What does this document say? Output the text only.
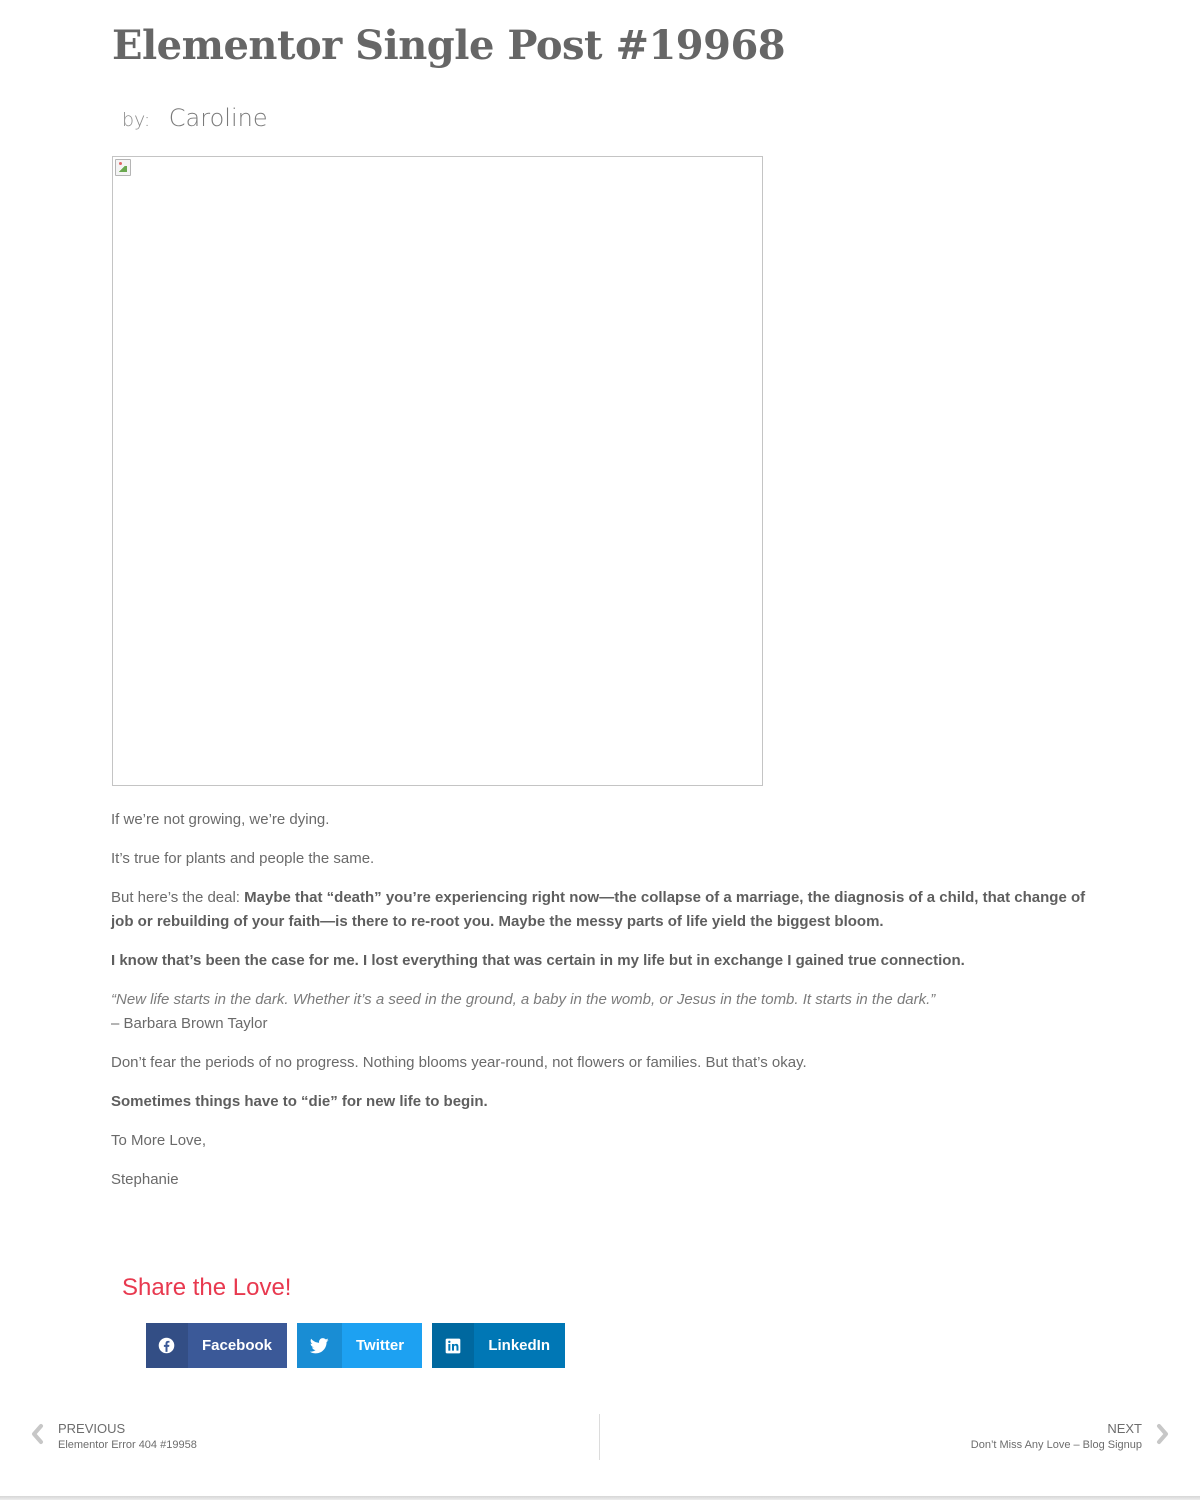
Elementor Single Post #19968
by: Caroline

If we’re not growing, we’re dying.

It’s true for plants and people the same.

But here’s the deal: Maybe that “death” you’re experiencing right now—the collapse of a marriage, the diagnosis of a child, that change of job or rebuilding of your faith—is there to re-root you. Maybe the messy parts of life yield the biggest bloom.

I know that’s been the case for me. I lost everything that was certain in my life but in exchange I gained true connection.

“New life starts in the dark. Whether it’s a seed in the ground, a baby in the womb, or Jesus in the tomb. It starts in the dark.”
– Barbara Brown Taylor

Don’t fear the periods of no progress. Nothing blooms year-round, not flowers or families. But that’s okay.

Sometimes things have to “die” for new life to begin.

To More Love,

Stephanie

Share the Love!
Facebook	Twitter	LinkedIn
PREVIOUS
Elementor Error 404 #19958
NEXT
Don’t Miss Any Love – Blog Signup
